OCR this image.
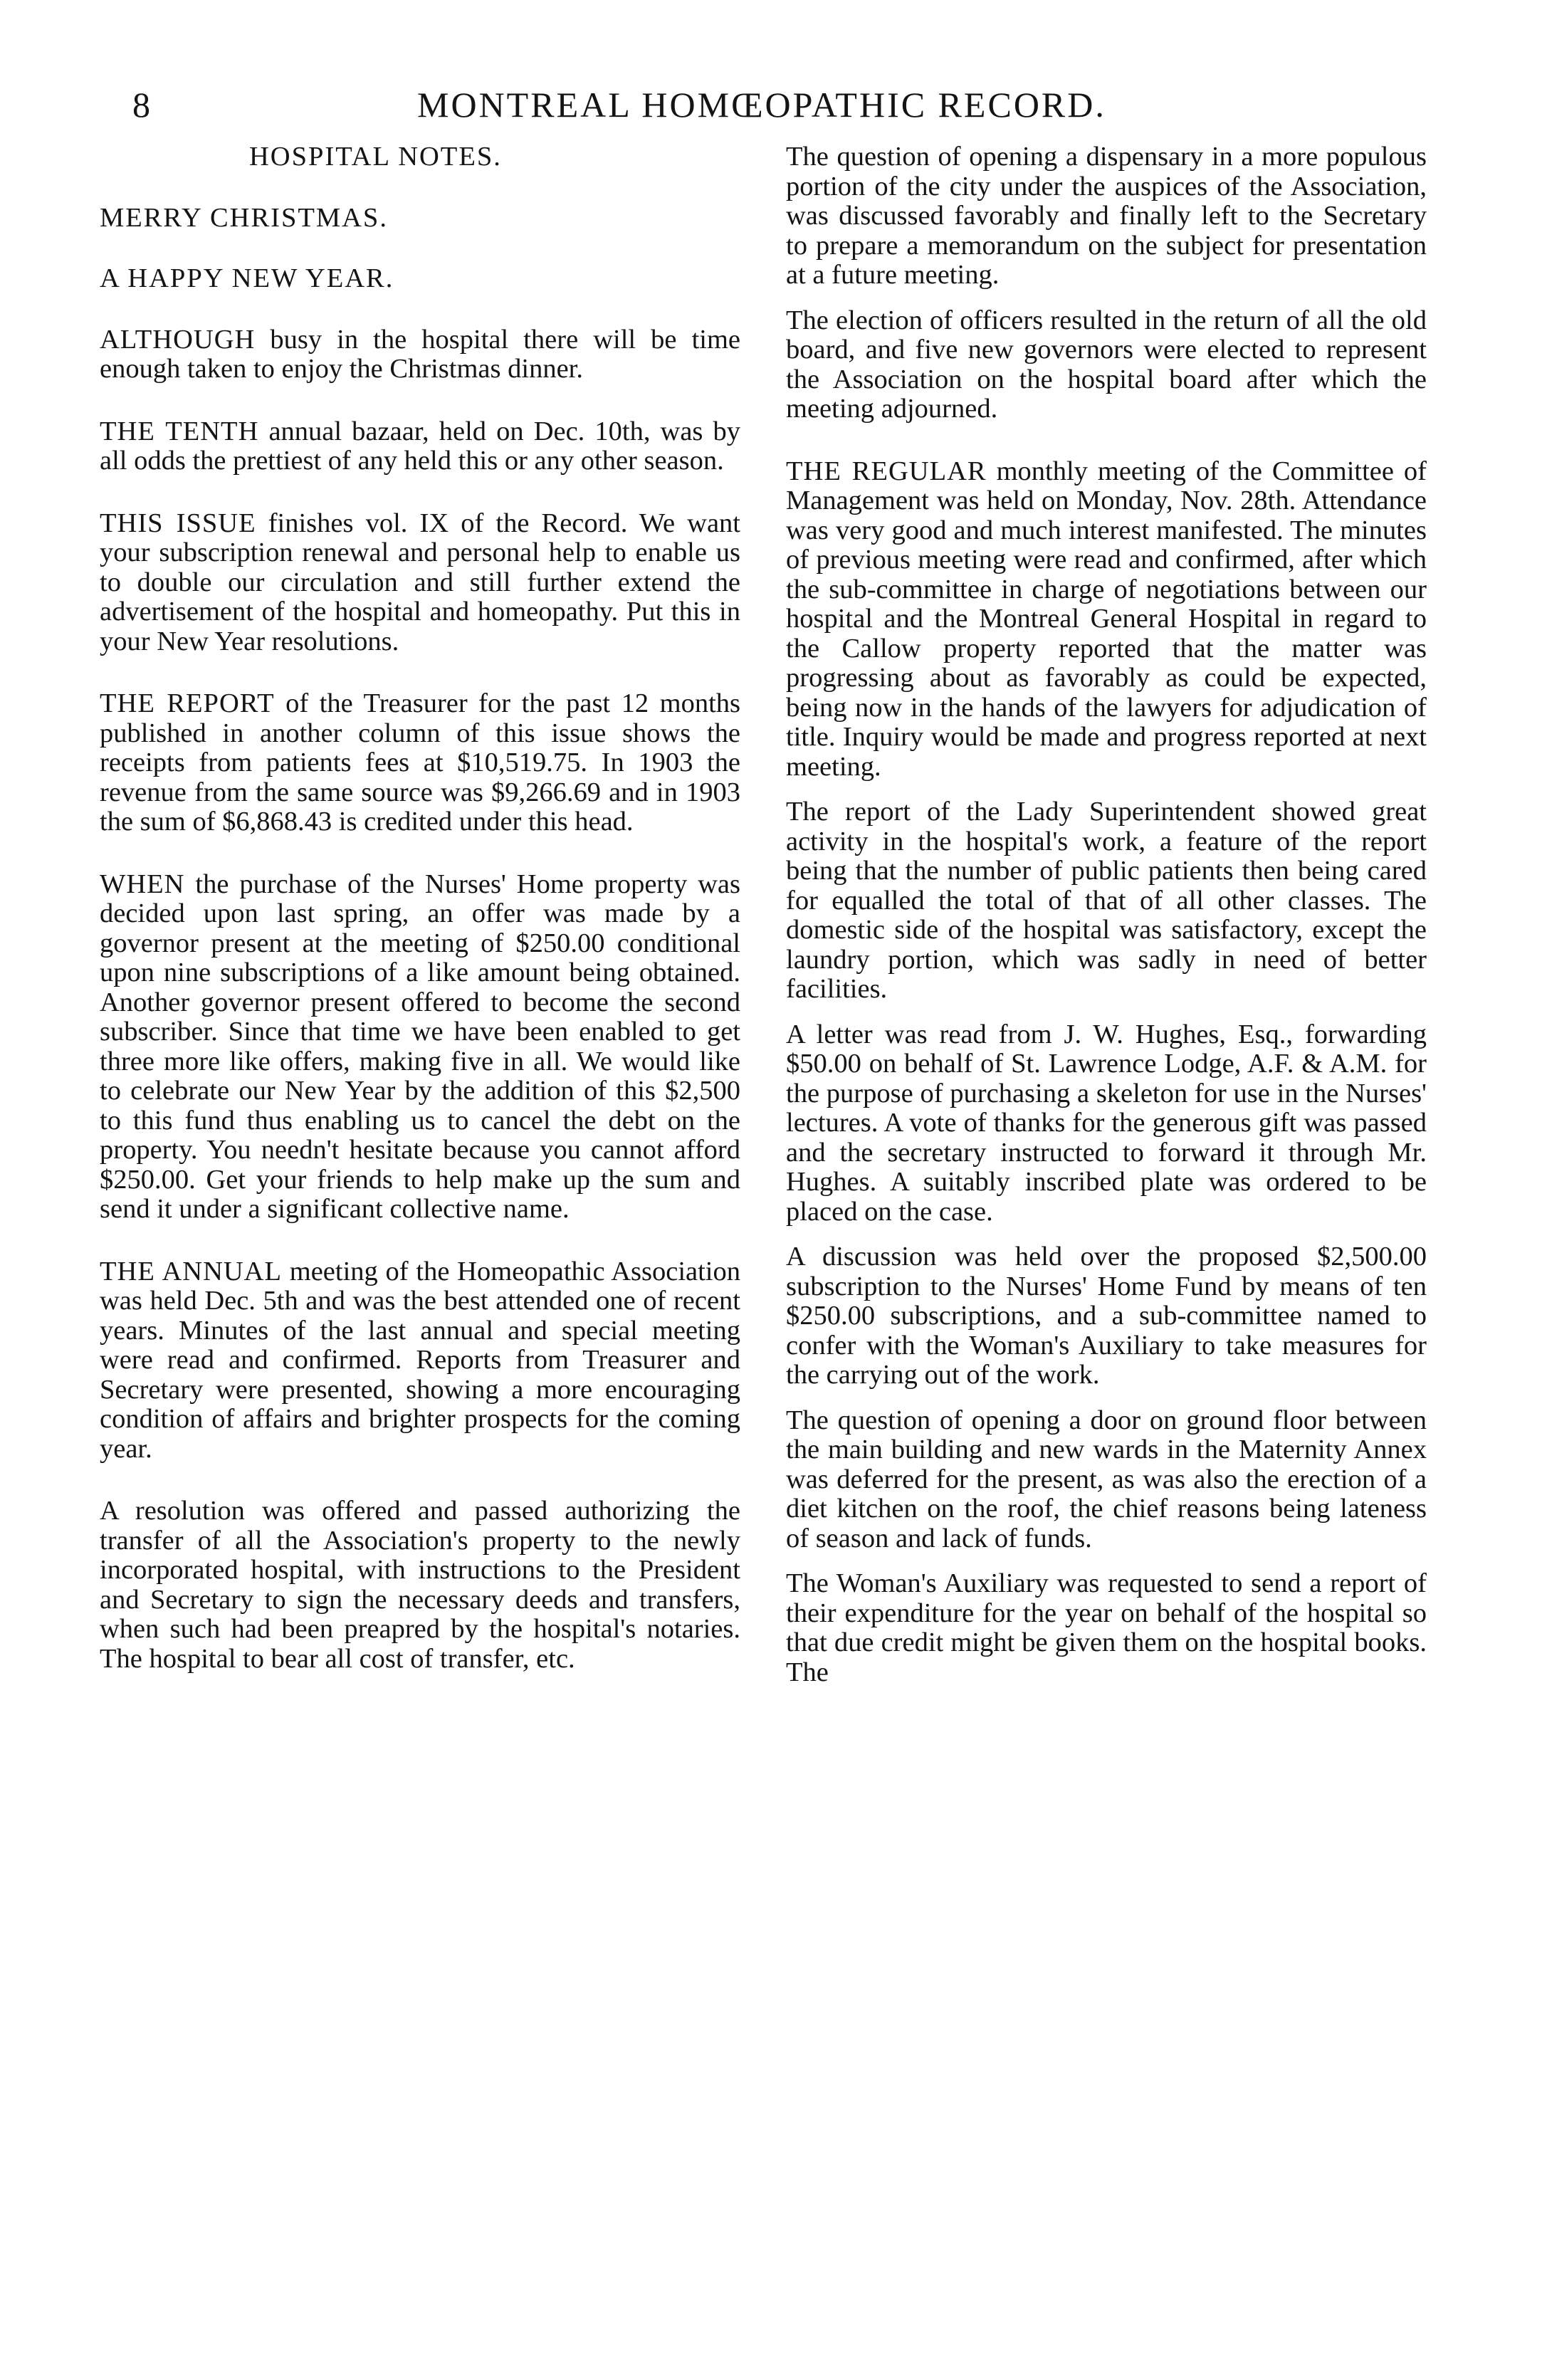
8	MONTREAL HOMŒOPATHIC RECORD.
HOSPITAL NOTES.
MERRY CHRISTMAS.
A HAPPY NEW YEAR.

ALTHOUGH busy in the hospital there will be time enough taken to enjoy the Christmas dinner.

THE TENTH annual bazaar, held on Dec. 10th, was by all odds the prettiest of any held this or any other season.

THIS ISSUE finishes vol. IX of the Record. We want your subscription renewal and personal help to enable us to double our circulation and still further extend the advertisement of the hospital and homeopathy. Put this in your New Year resolutions.

THE REPORT of the Treasurer for the past 12 months published in another column of this issue shows the receipts from patients fees at $10,519.75. In 1903 the revenue from the same source was $9,266.69 and in 1903 the sum of $6,868.43 is credited under this head.

WHEN the purchase of the Nurses' Home property was decided upon last spring, an offer was made by a governor present at the meeting of $250.00 conditional upon nine subscriptions of a like amount being obtained. Another governor present offered to become the second subscriber. Since that time we have been enabled to get three more like offers, making five in all. We would like to celebrate our New Year by the addition of this $2,500 to this fund thus enabling us to cancel the debt on the property. You needn't hesitate because you cannot afford $250.00. Get your friends to help make up the sum and send it under a significant collective name.

THE ANNUAL meeting of the Homeopathic Association was held Dec. 5th and was the best attended one of recent years. Minutes of the last annual and special meeting were read and confirmed. Reports from Treasurer and Secretary were presented, showing a more encouraging condition of affairs and brighter prospects for the coming year.

A resolution was offered and passed authorizing the transfer of all the Association's property to the newly incorporated hospital, with instructions to the President and Secretary to sign the necessary deeds and transfers, when such had been preapred by the hospital's notaries. The hospital to bear all cost of transfer, etc.

The question of opening a dispensary in a more populous portion of the city under the auspices of the Association, was discussed favorably and finally left to the Secretary to prepare a memorandum on the subject for presentation at a future meeting.

The election of officers resulted in the return of all the old board, and five new governors were elected to represent the Association on the hospital board after which the meeting adjourned.

THE REGULAR monthly meeting of the Committee of Management was held on Monday, Nov. 28th. Attendance was very good and much interest manifested. The minutes of previous meeting were read and confirmed, after which the sub-committee in charge of negotiations between our hospital and the Montreal General Hospital in regard to the Callow property reported that the matter was progressing about as favorably as could be expected, being now in the hands of the lawyers for adjudication of title. Inquiry would be made and progress reported at next meeting.

The report of the Lady Superintendent showed great activity in the hospital's work, a feature of the report being that the number of public patients then being cared for equalled the total of that of all other classes. The domestic side of the hospital was satisfactory, except the laundry portion, which was sadly in need of better facilities.

A letter was read from J. W. Hughes, Esq., forwarding $50.00 on behalf of St. Lawrence Lodge, A.F. & A.M. for the purpose of purchasing a skeleton for use in the Nurses' lectures. A vote of thanks for the generous gift was passed and the secretary instructed to forward it through Mr. Hughes. A suitably inscribed plate was ordered to be placed on the case.

A discussion was held over the proposed $2,500.00 subscription to the Nurses' Home Fund by means of ten $250.00 subscriptions, and a sub-committee named to confer with the Woman's Auxiliary to take measures for the carrying out of the work.

The question of opening a door on ground floor between the main building and new wards in the Maternity Annex was deferred for the present, as was also the erection of a diet kitchen on the roof, the chief reasons being lateness of season and lack of funds.

The Woman's Auxiliary was requested to send a report of their expenditure for the year on behalf of the hospital so that due credit might be given them on the hospital books. The
